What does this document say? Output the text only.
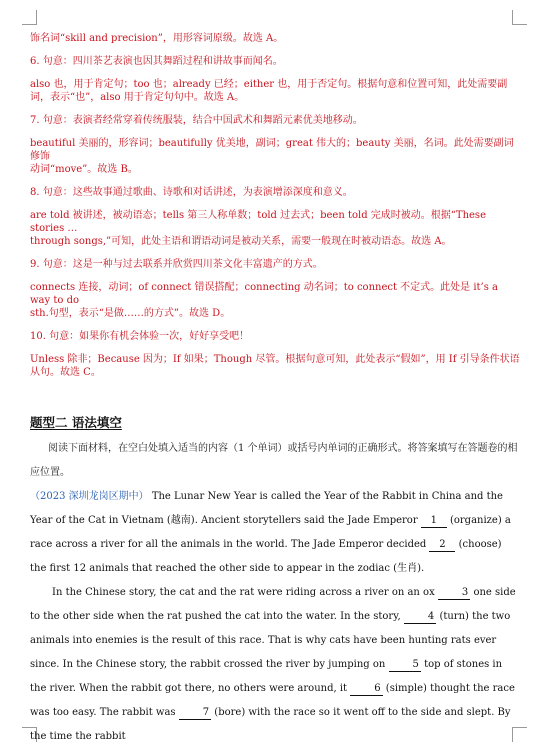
饰名词“skill and precision”，用形容词原级。故选 A。
6. 句意：四川茶艺表演也因其舞蹈过程和讲故事而闻名。
also 也，用于肯定句；too 也；already 已经；either 也，用于否定句。根据句意和位置可知，此处需要副
词，表示“也”，also 用于肯定句句中。故选 A。
7. 句意：表演者经常穿着传统服装，结合中国武术和舞蹈元素优美地移动。
beautiful 美丽的，形容词；beautifully 优美地，副词；great 伟大的；beauty 美丽，名词。此处需要副词修饰
动词“move”。故选 B。
8. 句意：这些故事通过歌曲、诗歌和对话讲述，为表演增添深度和意义。
are told 被讲述，被动语态；tells 第三人称单数；told 过去式；been told 完成时被动。根据“These stories …
through songs,”可知，此处主语和谓语动词是被动关系，需要一般现在时被动语态。故选 A。
9. 句意：这是一种与过去联系并欣赏四川茶文化丰富遗产的方式。
connects 连接，动词；of connect 错误搭配；connecting 动名词；to connect 不定式。此处是 it’s a way to do
sth.句型，表示“是做……的方式”。故选 D。
10. 句意：如果你有机会体验一次，好好享受吧！
Unless 除非；Because 因为；If 如果；Though 尽管。根据句意可知，此处表示“假如”，用 If 引导条件状语
从句。故选 C。
题型二 语法填空

阅读下面材料，在空白处填入适当的内容（1 个单词）或括号内单词的正确形式。将答案填写在答题卷的相应位置。

（2023 深圳龙岗区期中） The Lunar New Year is called the Year of the Rabbit in China and the Year of the Cat in Vietnam (越南). Ancient storytellers said the Jade Emperor 1 (organize) a race across a river for all the animals in the world. The Jade Emperor decided 2 (choose) the first 12 animals that reached the other side to appear in the zodiac (生肖).

In the Chinese story, the cat and the rat were riding across a river on an ox 3 one side to the other side when the rat pushed the cat into the water. In the story, 4 (turn) the two animals into enemies is the result of this race. That is why cats have been hunting rats ever since. In the Chinese story, the rabbit crossed the river by jumping on 5 top of stones in the river. When the rabbit got there, no others were around, it 6 (simple) thought the race was too easy. The rabbit was 7 (bore) with the race so it went off to the side and slept. By the time the rabbit
